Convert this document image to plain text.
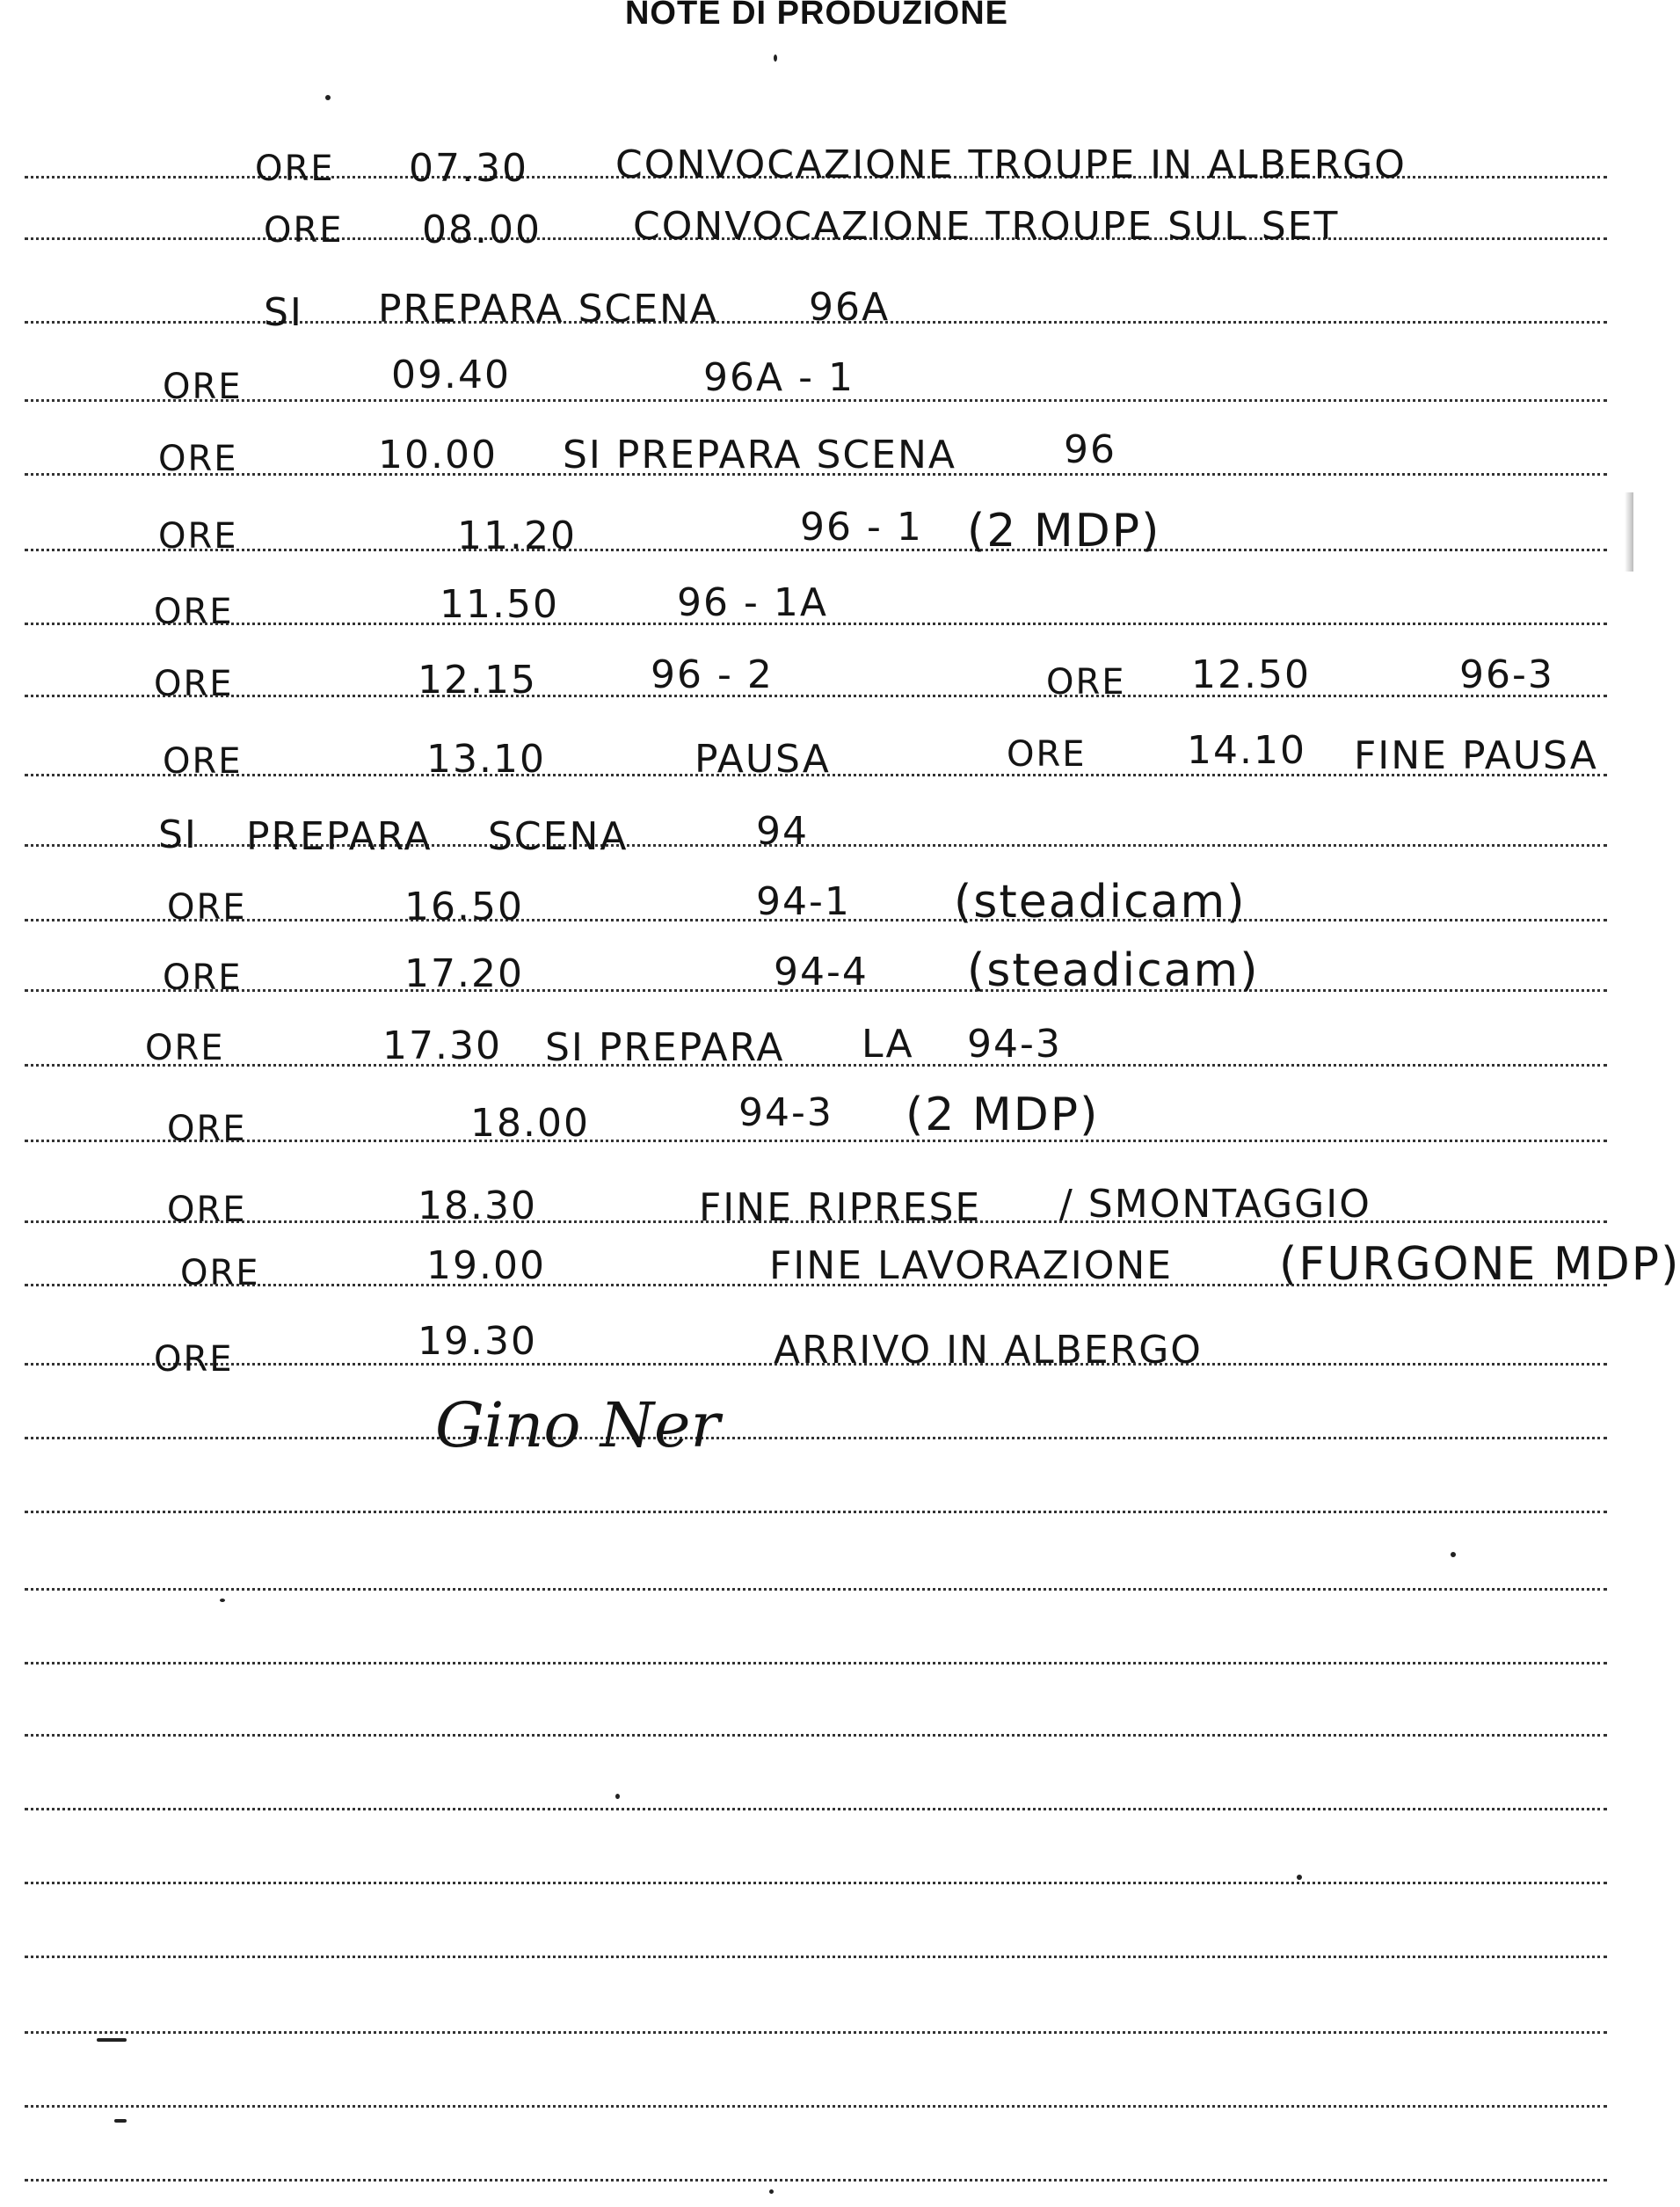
NOTE DI PRODUZIONE
ORE 07.30 CONVOCAZIONE TROUPE IN ALBERGO
ORE 08.00 CONVOCAZIONE TROUPE SUL SET
SI PREPARA SCENA 96A
ORE	09.40	96A - 1
ORE	10.00 SI PREPARA SCENA	96
ORE	11.20	96 - 1 (2 MDP)
ORE	11.50	96 - 1A
ORE	12.15	96 - 2	ORE 12.50	96-3
ORE	13.10	PAUSA	ORE	14.10 FINE PAUSA
SI PREPARA SCENA	94
ORE	16.50	94-1 (steadicam)
ORE	17.20	94-4 (steadicam)
ORE	17.30 SI PREPARA LA 94-3
ORE	18.00	94-3 (2 MDP)
ORE	18.30	FINE RIPRESE / SMONTAGGIO
ORE	19.00	FINE LAVORAZIONE (FURGONE MDP)
ORE	19.30	ARRIVO IN ALBERGO
Gino Ner
